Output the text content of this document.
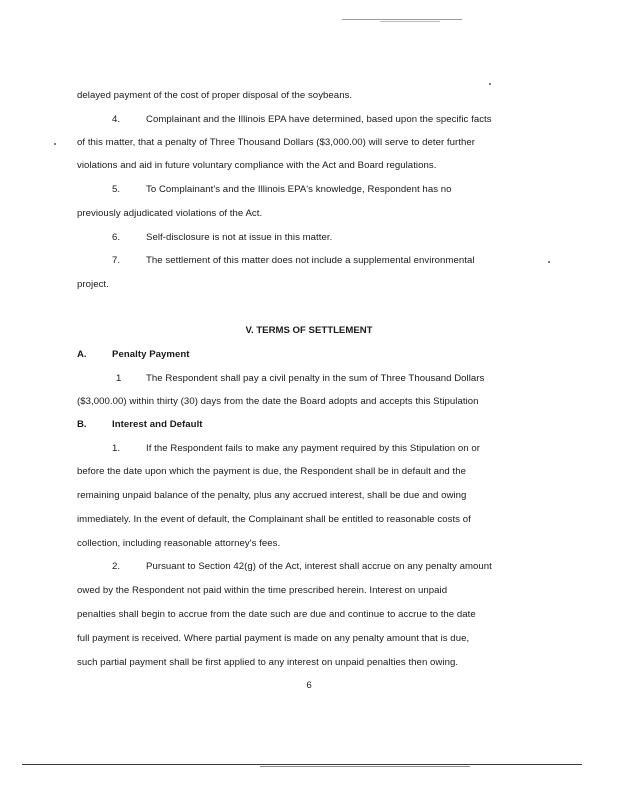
delayed payment of the cost of proper disposal of the soybeans.
4.	Complainant and the Illinois EPA have determined, based upon the specific facts
of this matter, that a penalty of Three Thousand Dollars ($3,000.00) will serve to deter further
violations and aid in future voluntary compliance with the Act and Board regulations.
5.	To Complainant's and the Illinois EPA's knowledge, Respondent has no
previously adjudicated violations of the Act.
6.	Self-disclosure is not at issue in this matter.
7.	The settlement of this matter does not include a supplemental environmental
project.
V. TERMS OF SETTLEMENT
A.	Penalty Payment
1	The Respondent shall pay a civil penalty in the sum of Three Thousand Dollars
($3,000.00) within thirty (30) days from the date the Board adopts and accepts this Stipulation
B.	Interest and Default
1.	If the Respondent fails to make any payment required by this Stipulation on or
before the date upon which the payment is due, the Respondent shall be in default and the
remaining unpaid balance of the penalty, plus any accrued interest, shall be due and owing
immediately. In the event of default, the Complainant shall be entitled to reasonable costs of
collection, including reasonable attorney's fees.
2.	Pursuant to Section 42(g) of the Act, interest shall accrue on any penalty amount
owed by the Respondent not paid within the time prescribed herein. Interest on unpaid
penalties shall begin to accrue from the date such are due and continue to accrue to the date
full payment is received. Where partial payment is made on any penalty amount that is due,
such partial payment shall be first applied to any interest on unpaid penalties then owing.
6
